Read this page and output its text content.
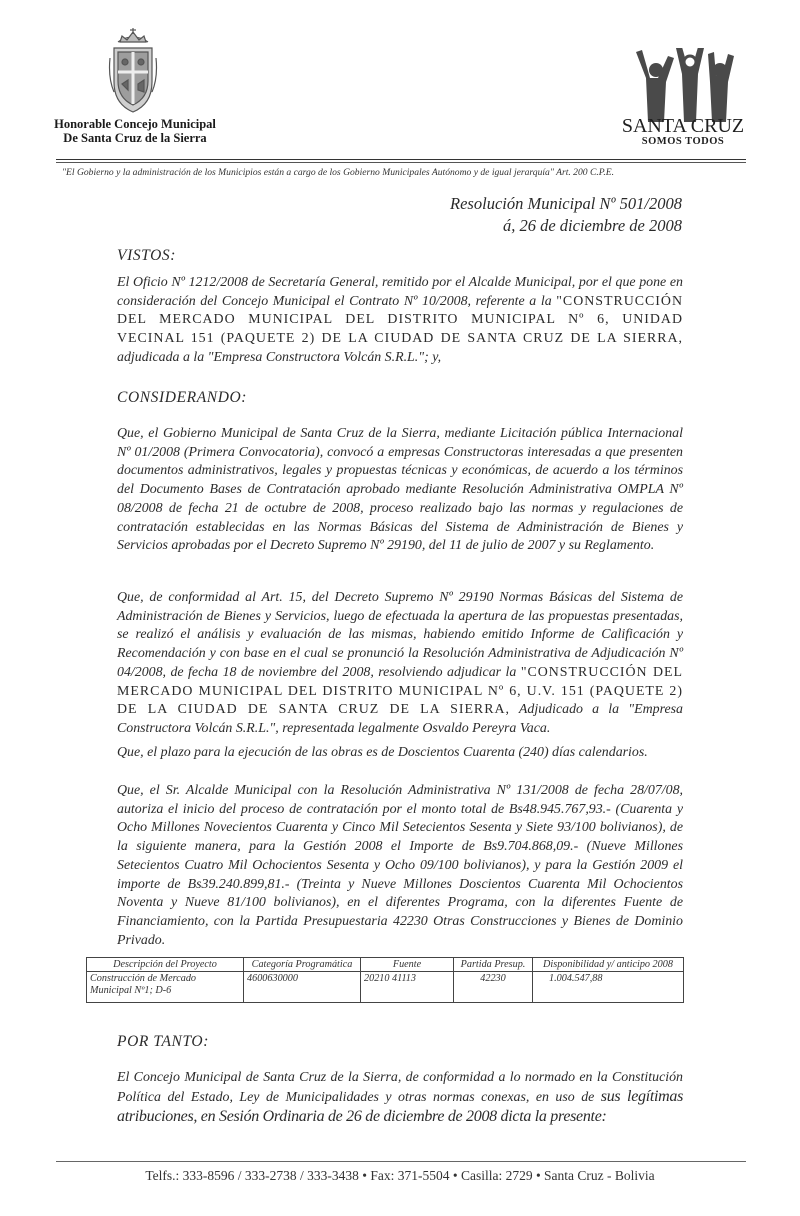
Honorable Concejo Municipal
De Santa Cruz de la Sierra
SANTA CRUZ
SOMOS TODOS
"El Gobierno y la administración de los Municipios están a cargo de los Gobierno Municipales Autónomo y de igual jerarquía" Art. 200 C.P.E.
Resolución Municipal Nº 501/2008
á, 26 de diciembre de 2008
VISTOS:
El Oficio Nº 1212/2008 de Secretaría General, remitido por el Alcalde Municipal, por el que pone en consideración del Concejo Municipal el Contrato Nº 10/2008, referente a la "CONSTRUCCIÓN DEL MERCADO MUNICIPAL DEL DISTRITO MUNICIPAL Nº 6, UNIDAD VECINAL 151 (PAQUETE 2) DE LA CIUDAD DE SANTA CRUZ DE LA SIERRA, adjudicada a la "Empresa Constructora Volcán S.R.L."; y,
CONSIDERANDO:
Que, el Gobierno Municipal de Santa Cruz de la Sierra, mediante Licitación pública Internacional Nº 01/2008 (Primera Convocatoria), convocó a empresas Constructoras interesadas a que presenten documentos administrativos, legales y propuestas técnicas y económicas, de acuerdo a los términos del Documento Bases de Contratación aprobado mediante Resolución Administrativa OMPLA Nº 08/2008 de fecha 21 de octubre de 2008, proceso realizado bajo las normas y regulaciones de contratación establecidas en las Normas Básicas del Sistema de Administración de Bienes y Servicios aprobadas por el Decreto Supremo Nº 29190, del 11 de julio de 2007 y su Reglamento.
Que, de conformidad al Art. 15, del Decreto Supremo Nº 29190 Normas Básicas del Sistema de Administración de Bienes y Servicios, luego de efectuada la apertura de las propuestas presentadas, se realizó el análisis y evaluación de las mismas, habiendo emitido Informe de Calificación y Recomendación y con base en el cual se pronunció la Resolución Administrativa de Adjudicación Nº 04/2008, de fecha 18 de noviembre del 2008, resolviendo adjudicar la "CONSTRUCCIÓN DEL MERCADO MUNICIPAL DEL DISTRITO MUNICIPAL Nº 6, U.V. 151 (PAQUETE 2) DE LA CIUDAD DE SANTA CRUZ DE LA SIERRA, Adjudicado a la "Empresa Constructora Volcán S.R.L.", representada legalmente Osvaldo Pereyra Vaca.
Que, el plazo para la ejecución de las obras es de Doscientos Cuarenta (240) días calendarios.
Que, el Sr. Alcalde Municipal con la Resolución Administrativa Nº 131/2008 de fecha 28/07/08, autoriza el inicio del proceso de contratación por el monto total de Bs48.945.767,93.- (Cuarenta y Ocho Millones Novecientos Cuarenta y Cinco Mil Setecientos Sesenta y Siete 93/100 bolivianos), de la siguiente manera, para la Gestión 2008 el Importe de Bs9.704.868,09.- (Nueve Millones Setecientos Cuatro Mil Ochocientos Sesenta y Ocho 09/100 bolivianos), y para la Gestión 2009 el importe de Bs39.240.899,81.- (Treinta y Nueve Millones Doscientos Cuarenta Mil Ochocientos Noventa y Nueve 81/100 bolivianos), en el diferentes Programa, con la diferentes Fuente de Financiamiento, con la Partida Presupuestaria 42230 Otras Construcciones y Bienes de Dominio Privado.
Descripción del Proyecto	Categoría Programática	Fuente	Partida Presup.	Disponibilidad y/ anticipo 2008
Construcción de Mercado Municipal Nº1; D-6	4600630000	20210 41113	42230	1.004.547,88
POR TANTO:
El Concejo Municipal de Santa Cruz de la Sierra, de conformidad a lo normado en la Constitución Política del Estado, Ley de Municipalidades y otras normas conexas, en uso de sus legítimas atribuciones, en Sesión Ordinaria de 26 de diciembre de 2008 dicta la presente:
Telfs.: 333-8596 / 333-2738 / 333-3438 • Fax: 371-5504 • Casilla: 2729 • Santa Cruz - Bolivia
